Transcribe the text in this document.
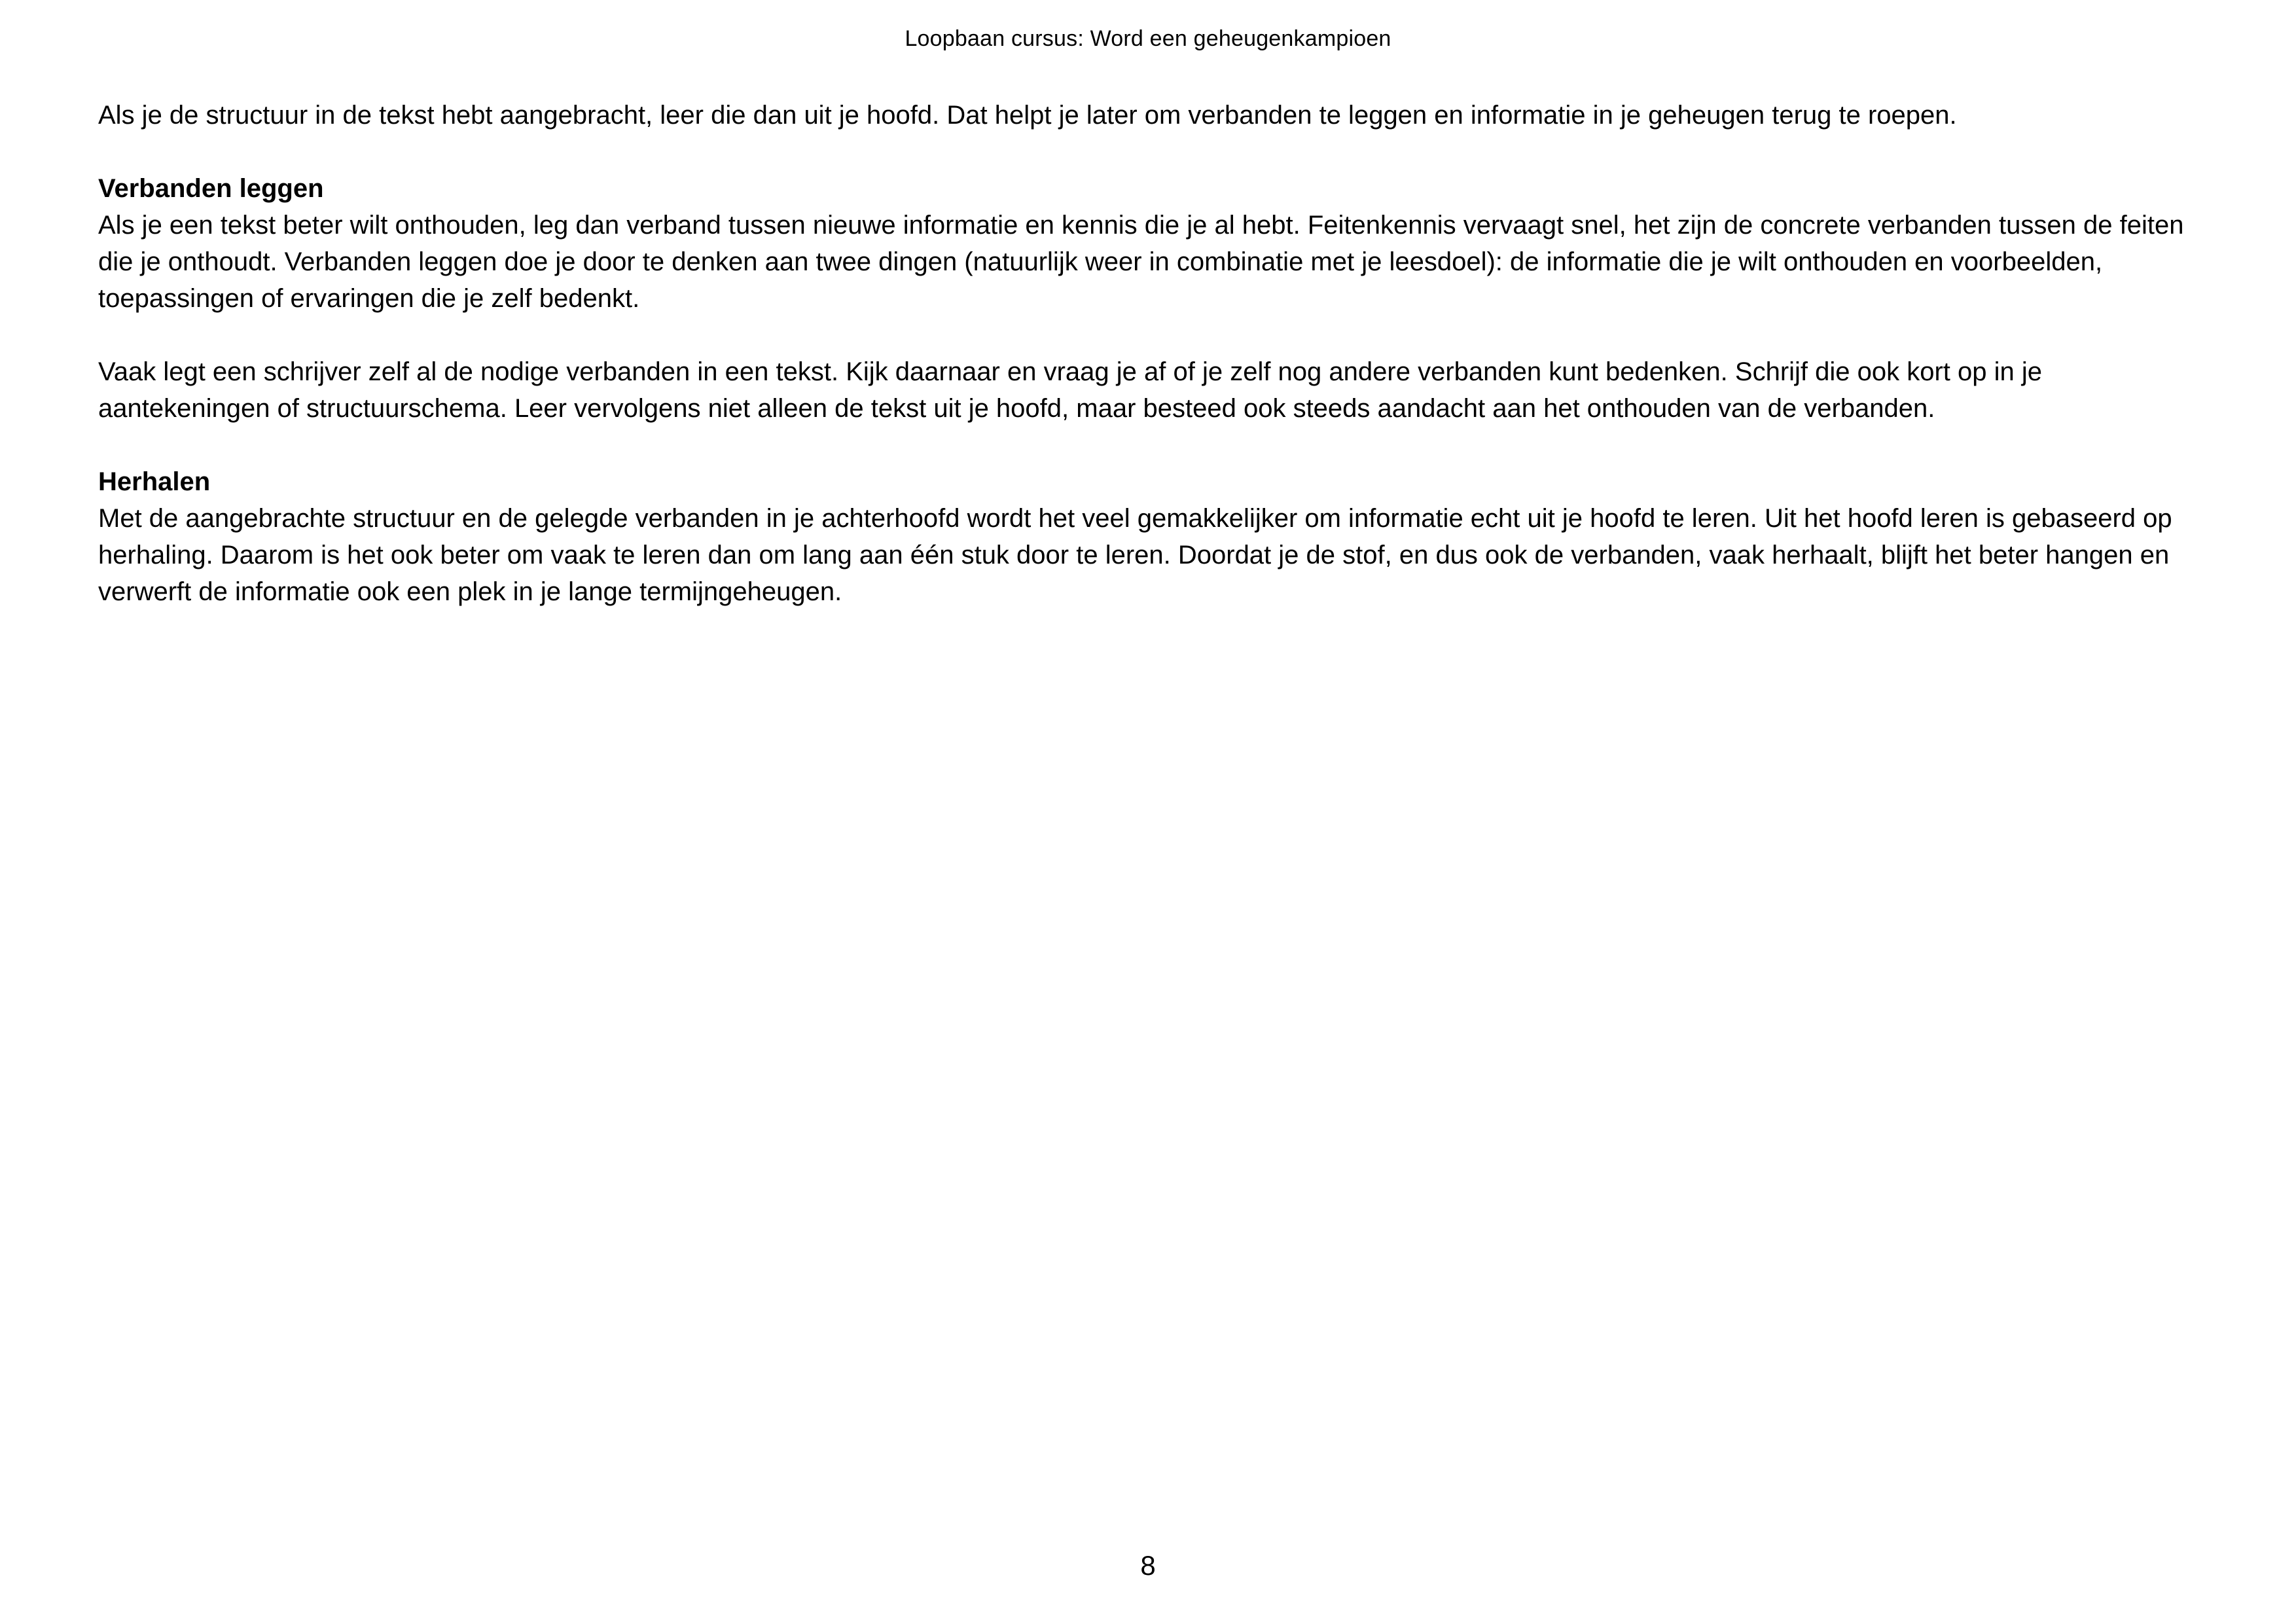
Loopbaan cursus: Word een geheugenkampioen

Als je de structuur in de tekst hebt aangebracht, leer die dan uit je hoofd. Dat helpt je later om verbanden te leggen en informatie in je geheugen terug te roepen.

Verbanden leggen

Als je een tekst beter wilt onthouden, leg dan verband tussen nieuwe informatie en kennis die je al hebt. Feitenkennis vervaagt snel, het zijn de concrete verbanden tussen de feiten die je onthoudt. Verbanden leggen doe je door te denken aan twee dingen (natuurlijk weer in combinatie met je leesdoel): de informatie die je wilt onthouden en voorbeelden, toepassingen of ervaringen die je zelf bedenkt.

Vaak legt een schrijver zelf al de nodige verbanden in een tekst. Kijk daarnaar en vraag je af of je zelf nog andere verbanden kunt bedenken. Schrijf die ook kort op in je aantekeningen of structuurschema. Leer vervolgens niet alleen de tekst uit je hoofd, maar besteed ook steeds aandacht aan het onthouden van de verbanden.

Herhalen

Met de aangebrachte structuur en de gelegde verbanden in je achterhoofd wordt het veel gemakkelijker om informatie echt uit je hoofd te leren. Uit het hoofd leren is gebaseerd op herhaling. Daarom is het ook beter om vaak te leren dan om lang aan één stuk door te leren. Doordat je de stof, en dus ook de verbanden, vaak herhaalt, blijft het beter hangen en verwerft de informatie ook een plek in je lange termijngeheugen.

8
